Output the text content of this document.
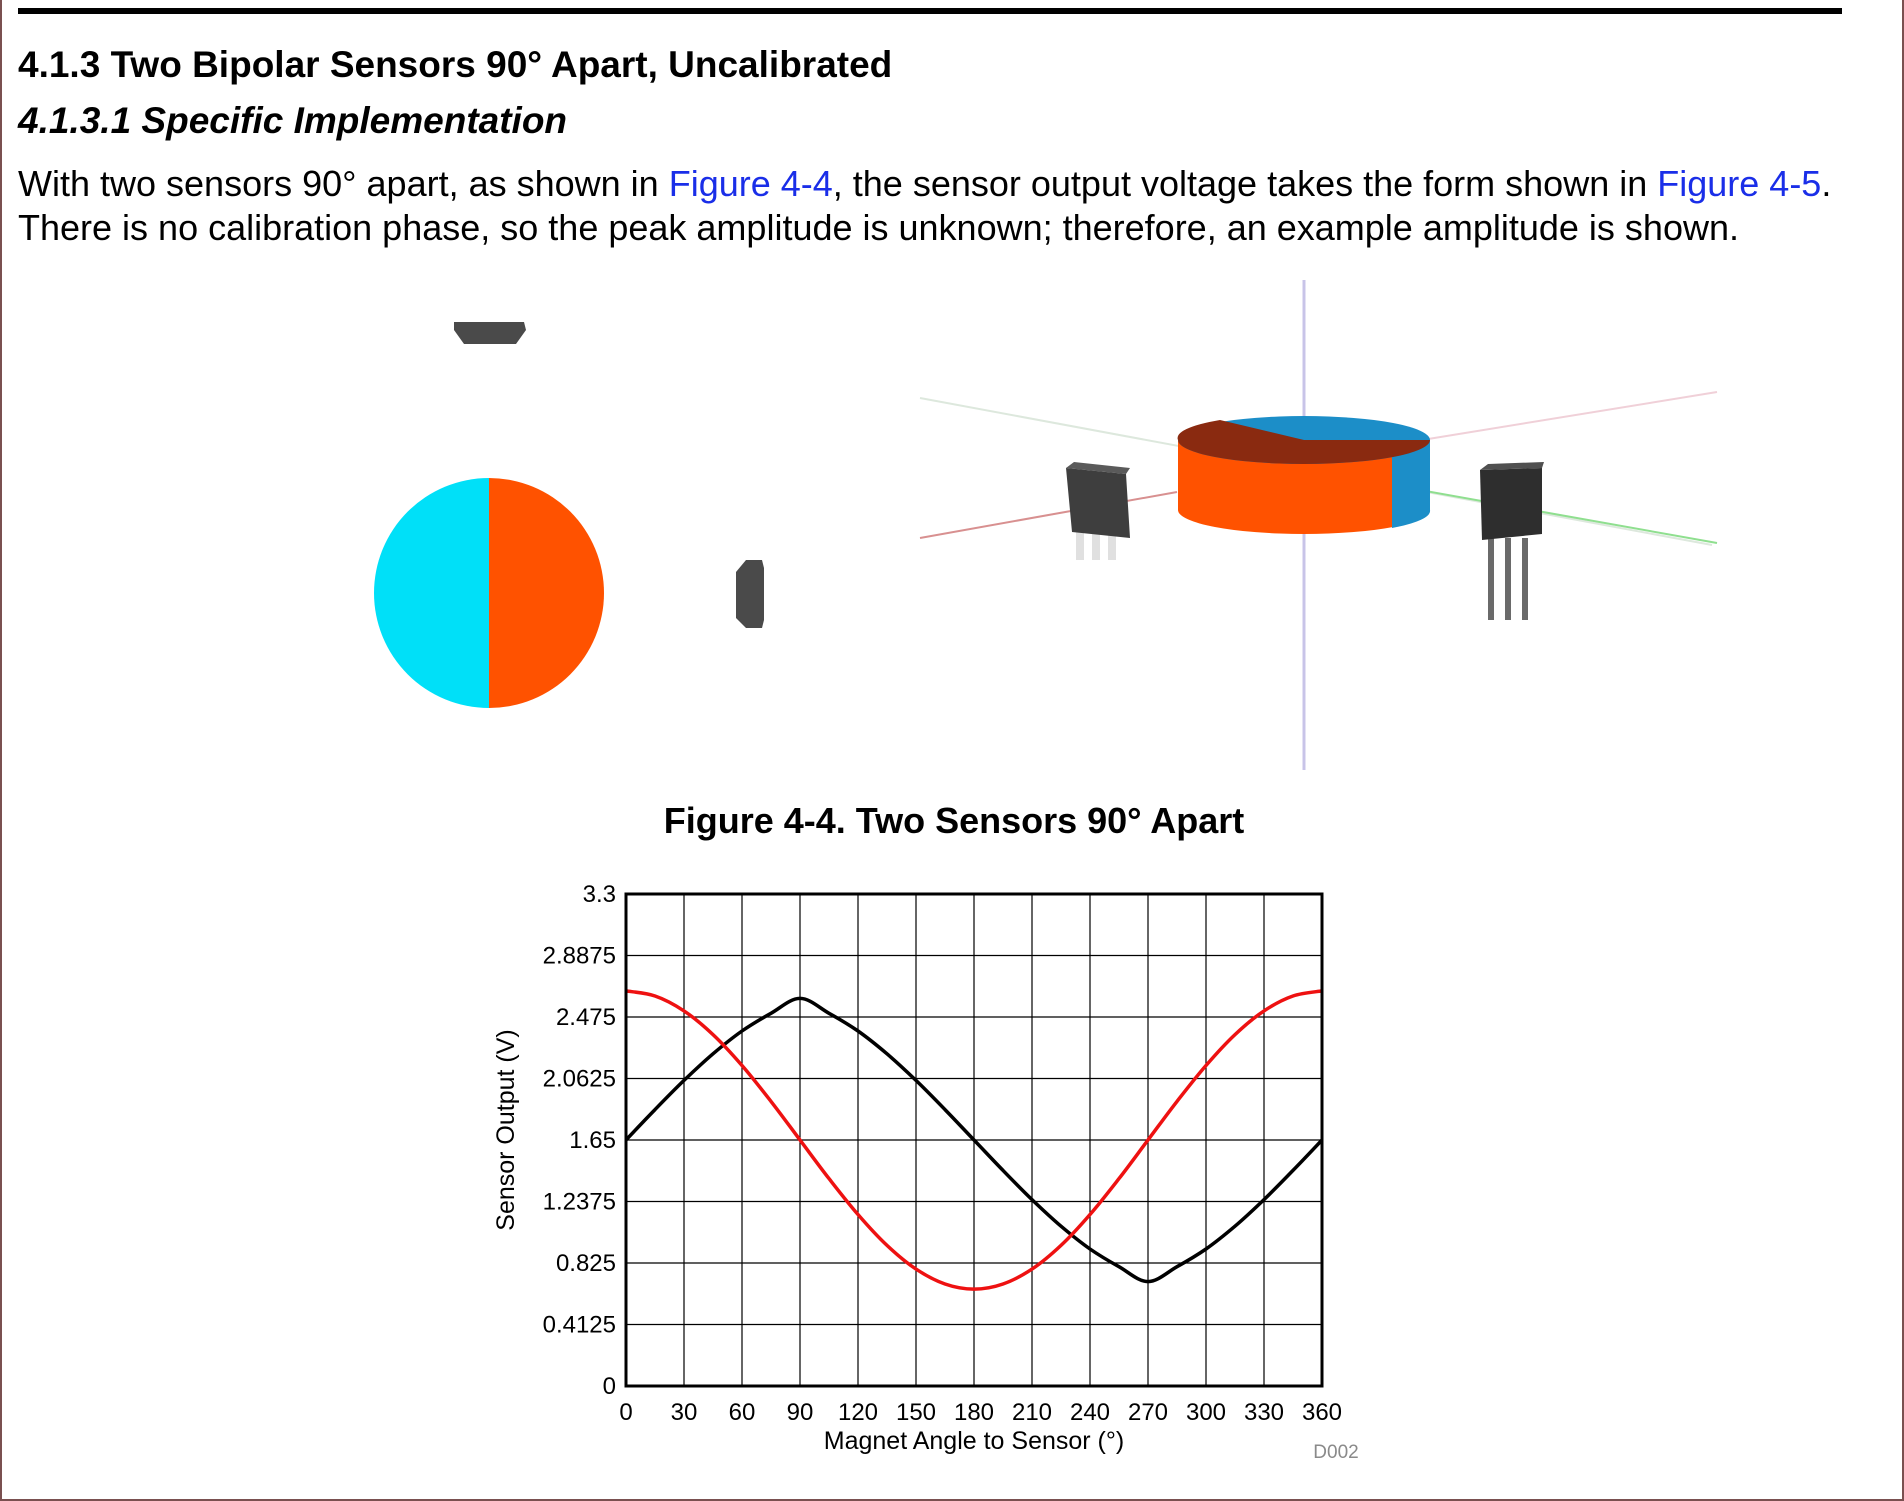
4.1.3 Two Bipolar Sensors 90° Apart, Uncalibrated
4.1.3.1 Specific Implementation

With two sensors 90° apart, as shown in Figure 4-4, the sensor output voltage takes the form shown in Figure 4-5. There is no calibration phase, so the peak amplitude is unknown; therefore, an example amplitude is shown.

Figure 4-4. Two Sensors 90° Apart

3.3
2.8875
2.475
2.0625
1.65
1.2375
0.825
0.4125
0
0 30 60 90 120 150 180 210 240 270 300 330 360
Magnet Angle to Sensor (°)
Sensor Output (V)
D002
